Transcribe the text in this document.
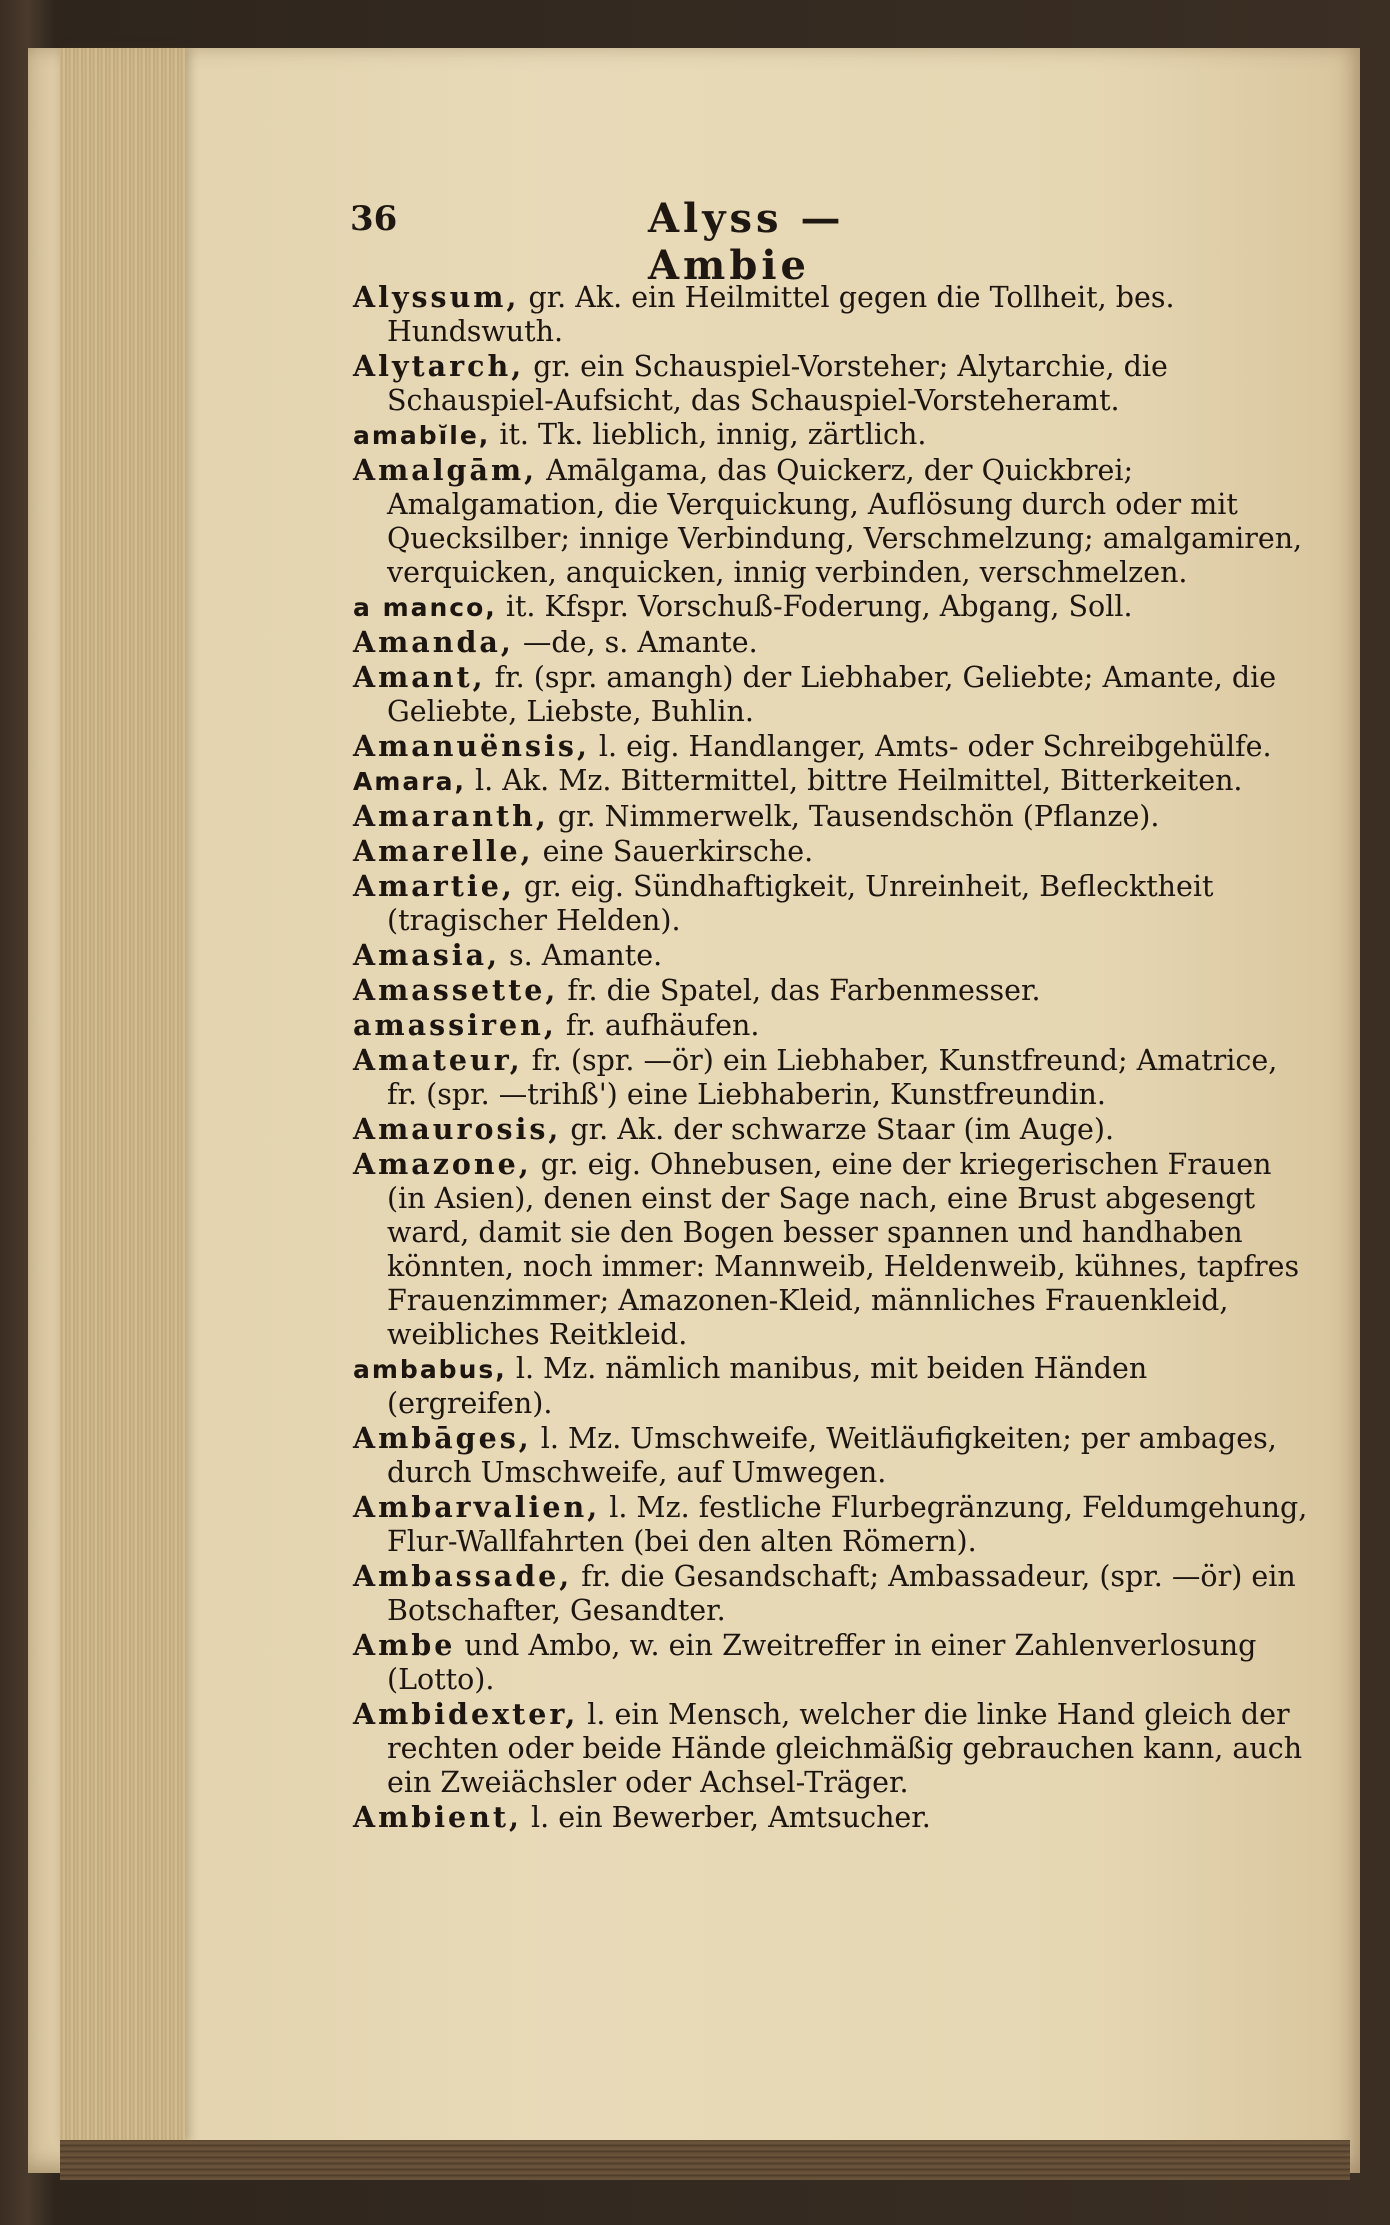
36	Alyss — Ambie

Alyssum, gr. Ak. ein Heilmittel gegen die Tollheit, bes. Hundswuth.

Alytarch, gr. ein Schauspiel-Vorsteher; Alytarchie, die Schauspiel-Aufsicht, das Schauspiel-Vorsteheramt.

amabĭle, it. Tk. lieblich, innig, zärtlich.

Amalgām, Amālgama, das Quickerz, der Quickbrei; Amalgamation, die Verquickung, Auflösung durch oder mit Quecksilber; innige Verbindung, Verschmelzung; amalgamiren, verquicken, anquicken, innig verbinden, verschmelzen.

a manco, it. Kfspr. Vorschuß-Foderung, Abgang, Soll.

Amanda, —de, s. Amante.

Amant, fr. (spr. amangh) der Liebhaber, Geliebte; Amante, die Geliebte, Liebste, Buhlin.

Amanuënsis, l. eig. Handlanger, Amts- oder Schreibgehülfe.

Amara, l. Ak. Mz. Bittermittel, bittre Heilmittel, Bitterkeiten.

Amaranth, gr. Nimmerwelk, Tausendschön (Pflanze).

Amarelle, eine Sauerkirsche.

Amartie, gr. eig. Sündhaftigkeit, Unreinheit, Beflecktheit (tragischer Helden).

Amasia, s. Amante.

Amassette, fr. die Spatel, das Farbenmesser.

amassiren, fr. aufhäufen.

Amateur, fr. (spr. —ör) ein Liebhaber, Kunstfreund; Amatrice, fr. (spr. —trihß') eine Liebhaberin, Kunstfreundin.

Amaurosis, gr. Ak. der schwarze Staar (im Auge).

Amazone, gr. eig. Ohnebusen, eine der kriegerischen Frauen (in Asien), denen einst der Sage nach, eine Brust abgesengt ward, damit sie den Bogen besser spannen und handhaben könnten, noch immer: Mannweib, Heldenweib, kühnes, tapfres Frauenzimmer; Amazonen-Kleid, männliches Frauenkleid, weibliches Reitkleid.

ambabus, l. Mz. nämlich manibus, mit beiden Händen (ergreifen).

Ambāges, l. Mz. Umschweife, Weitläufigkeiten; per ambages, durch Umschweife, auf Umwegen.

Ambarvalien, l. Mz. festliche Flurbegränzung, Feldumgehung, Flur-Wallfahrten (bei den alten Römern).

Ambassade, fr. die Gesandschaft; Ambassadeur, (spr. —ör) ein Botschafter, Gesandter.

Ambe und Ambo, w. ein Zweitreffer in einer Zahlenverlosung (Lotto).

Ambidexter, l. ein Mensch, welcher die linke Hand gleich der rechten oder beide Hände gleichmäßig gebrauchen kann, auch ein Zweiächsler oder Achsel-Träger.

Ambient, l. ein Bewerber, Amtsucher.
